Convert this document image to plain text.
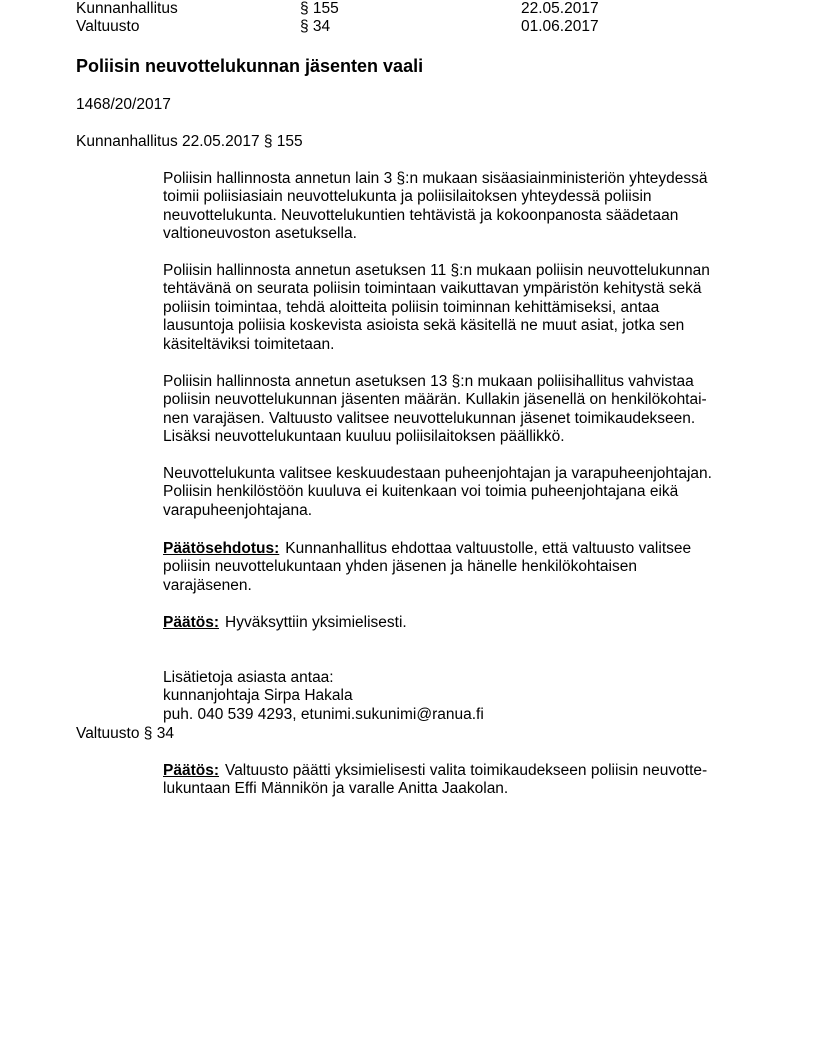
Kunnanhallitus	§ 155	22.05.2017
Valtuusto	§ 34	01.06.2017
Poliisin neuvottelukunnan jäsenten vaali

1468/20/2017

Kunnanhallitus 22.05.2017 § 155

Poliisin hallinnosta annetun lain 3 §:n mukaan sisäasiainministeriön yhteydessä
toimii poliisiasiain neuvottelukunta ja poliisilaitoksen yhteydessä poliisin
neuvottelukunta. Neuvottelukuntien tehtävistä ja kokoonpanosta säädetaan
valtioneuvoston asetuksella.

Poliisin hallinnosta annetun asetuksen 11 §:n mukaan poliisin neuvottelukunnan
tehtävänä on seurata poliisin toimintaan vaikuttavan ympäristön kehitystä sekä
poliisin toimintaa, tehdä aloitteita poliisin toiminnan kehittämiseksi, antaa
lausuntoja poliisia koskevista asioista sekä käsitellä ne muut asiat, jotka sen
käsiteltäviksi toimitetaan.

Poliisin hallinnosta annetun asetuksen 13 §:n mukaan poliisihallitus vahvistaa
poliisin neuvottelukunnan jäsenten määrän. Kullakin jäsenellä on henkilökohtai-
nen varajäsen. Valtuusto valitsee neuvottelukunnan jäsenet toimikaudekseen.
Lisäksi neuvottelukuntaan kuuluu poliisilaitoksen päällikkö.

Neuvottelukunta valitsee keskuudestaan puheenjohtajan ja varapuheenjohtajan.
Poliisin henkilöstöön kuuluva ei kuitenkaan voi toimia puheenjohtajana eikä
varapuheenjohtajana.

Päätösehdotus: Kunnanhallitus ehdottaa valtuustolle, että valtuusto valitsee
poliisin neuvottelukuntaan yhden jäsenen ja hänelle henkilökohtaisen
varajäsenen.

Päätös: Hyväksyttiin yksimielisesti.

Lisätietoja asiasta antaa:
kunnanjohtaja Sirpa Hakala
puh. 040 539 4293, etunimi.sukunimi@ranua.fi

Valtuusto § 34

Päätös: Valtuusto päätti yksimielisesti valita toimikaudekseen poliisin neuvotte-
lukuntaan Effi Männikön ja varalle Anitta Jaakolan.
